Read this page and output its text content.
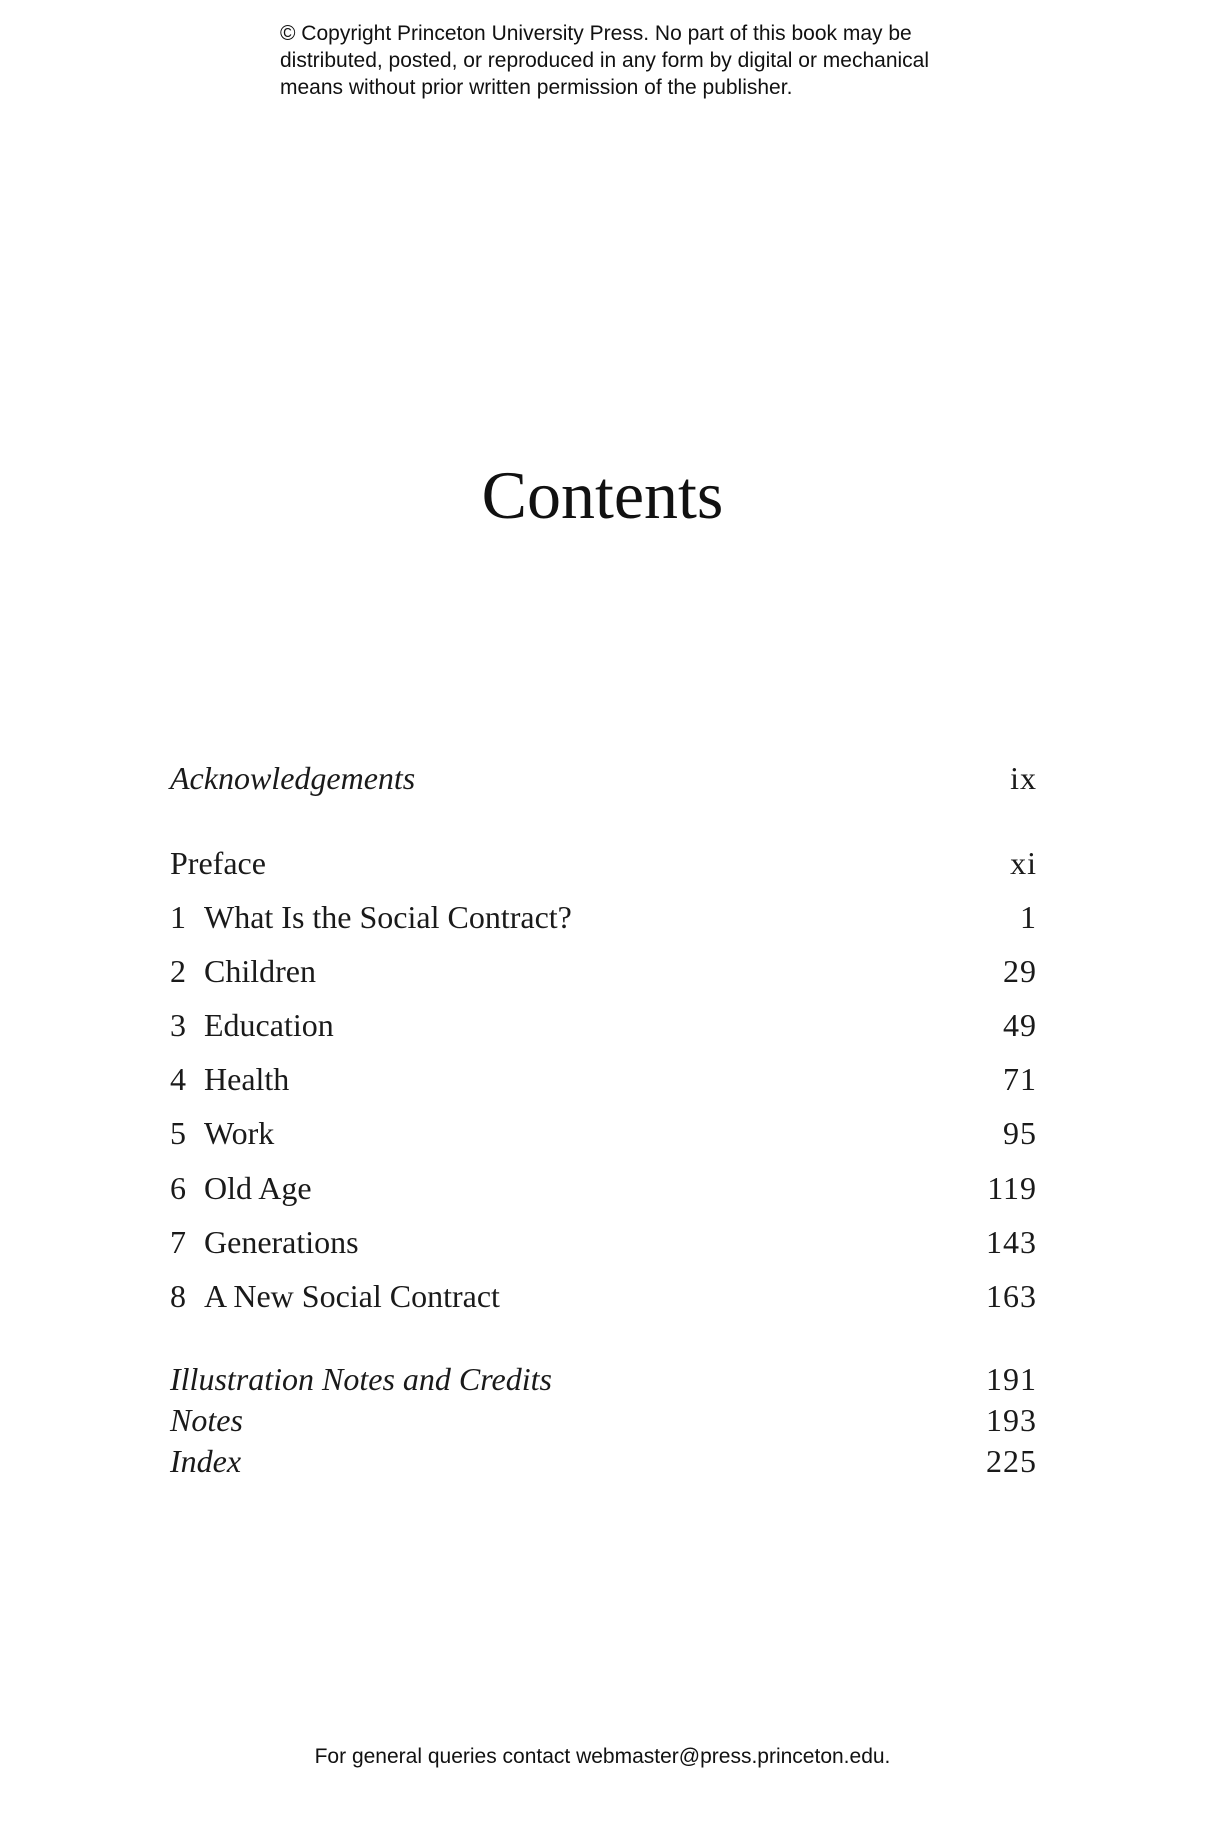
© Copyright Princeton University Press. No part of this book may be
distributed, posted, or reproduced in any form by digital or mechanical
means without prior written permission of the publisher.
Contents
Acknowledgements	ix
Preface	xi
1 What Is the Social Contract?	1
2 Children	29
3 Education	49
4 Health	71
5 Work	95
6 Old Age	119
7 Generations	143
8 A New Social Contract	163
Illustration Notes and Credits	191
Notes	193
Index	225
For general queries contact webmaster@press.princeton.edu.
